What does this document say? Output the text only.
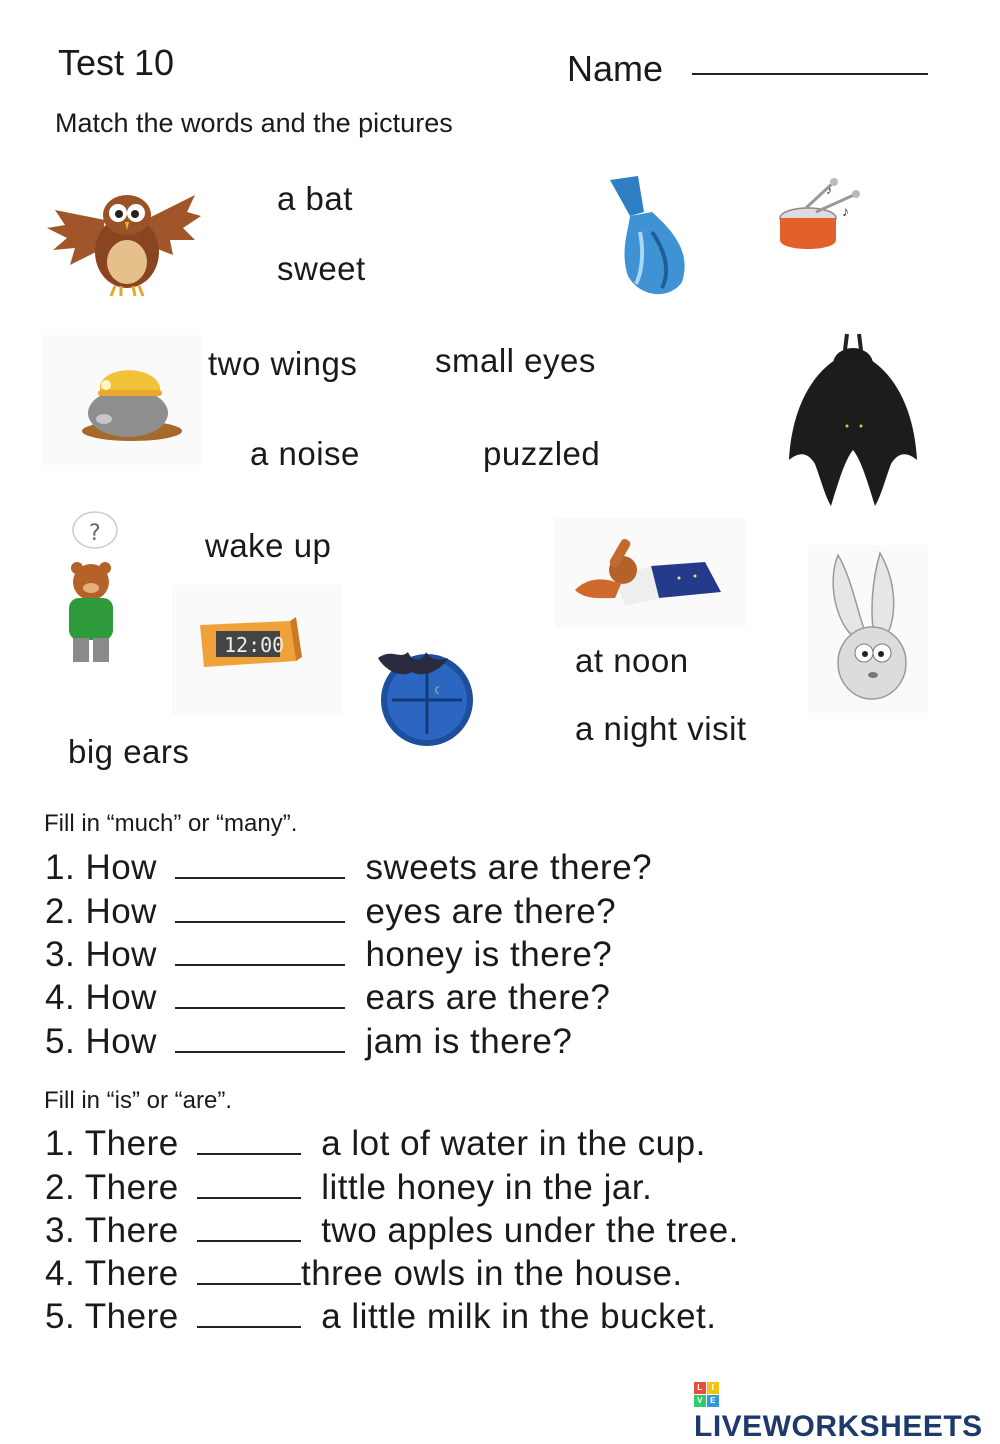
Test 10	Name
Match the words and the pictures
a bat
sweet
two wings small eyes
a noise	puzzled
wake up
at noon
a night visit
big ears
♪
♪
?
12:00
☾
Fill in “much” or “many”.
1. How	sweets are there?
2. How	eyes are there?
3. How	honey is there?
4. How	ears are there?
5. How	jam is there?
Fill in “is” or “are”.
1. There	a lot of water in the cup.
2. There	little honey in the jar.
3. There	two apples under the tree.
4. There	three owls in the house.
5. There	a little milk in the bucket.
L	I
V E
LIVEWORKSHEETS
